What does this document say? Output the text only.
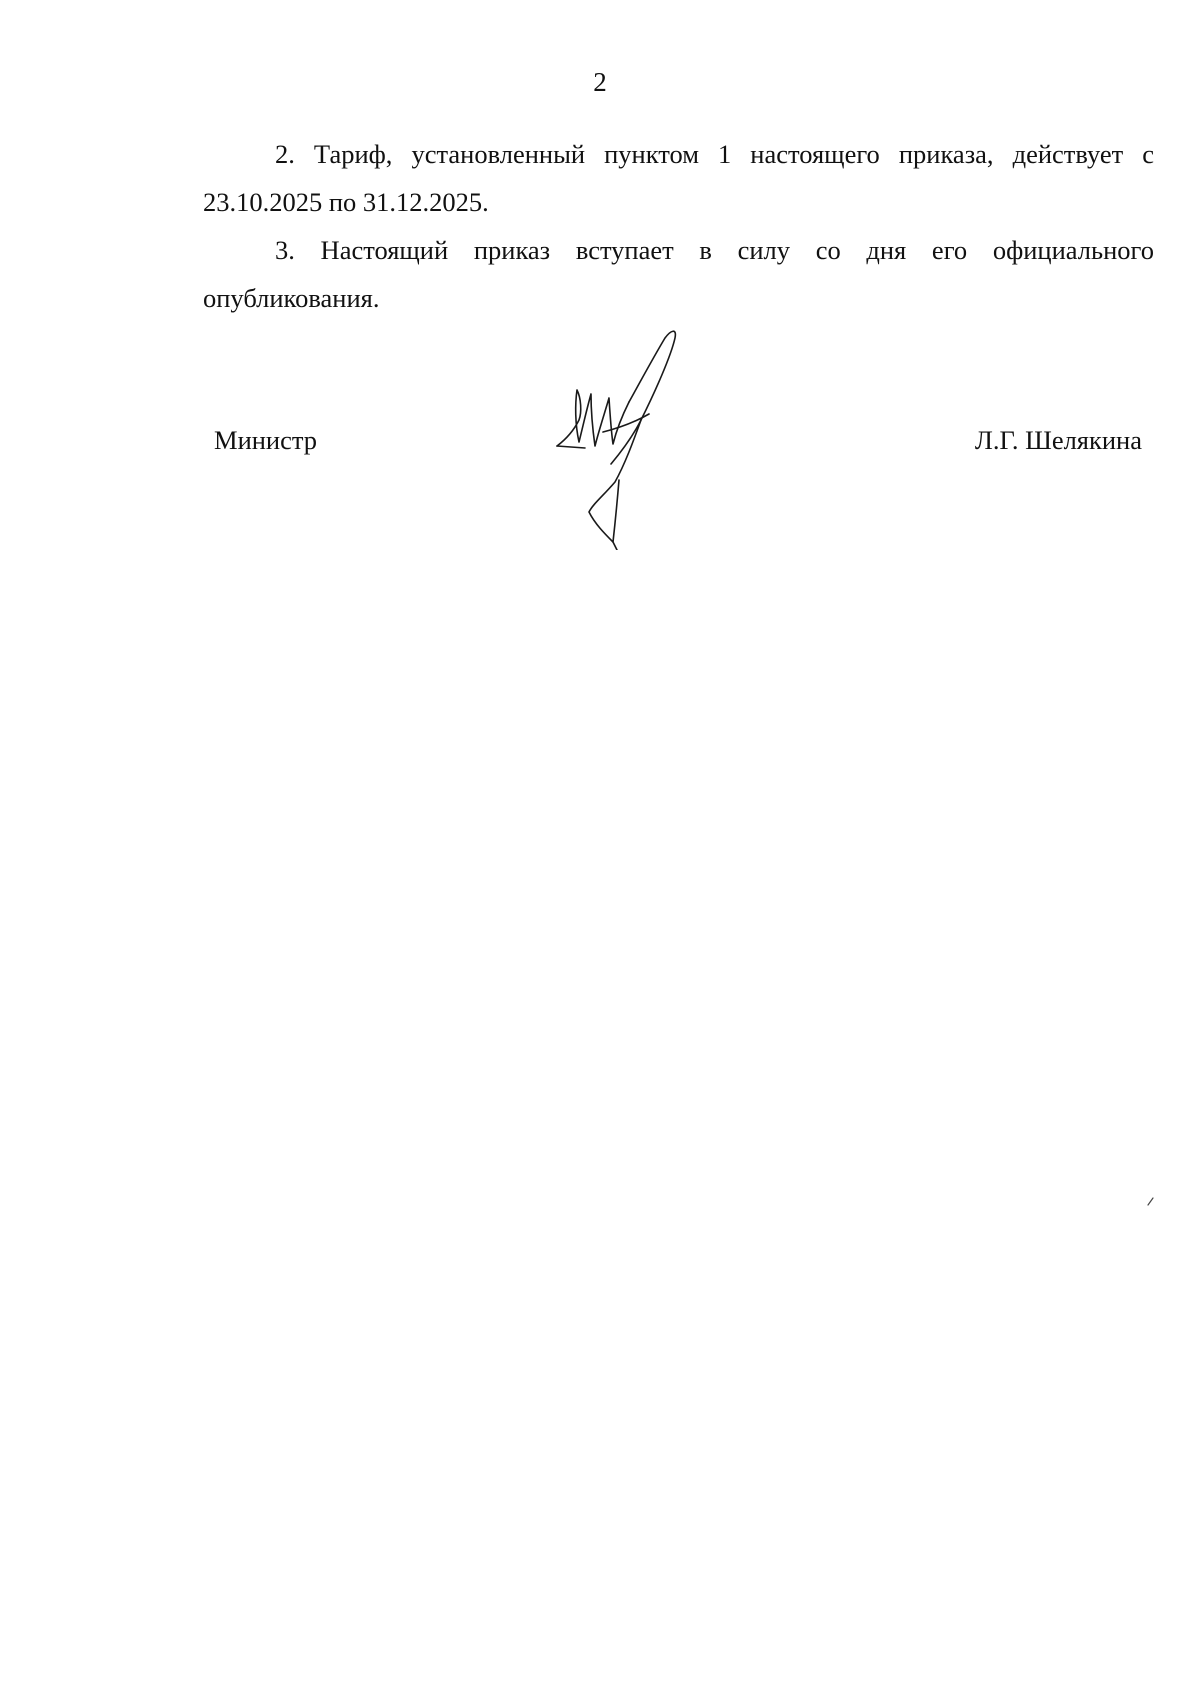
2

2. Тариф, установленный пунктом 1 настоящего приказа, действует с 23.10.2025 по 31.12.2025.

3. Настоящий приказ вступает в силу со дня его официального опубликования.

Министр	Л.Г. Шелякина
